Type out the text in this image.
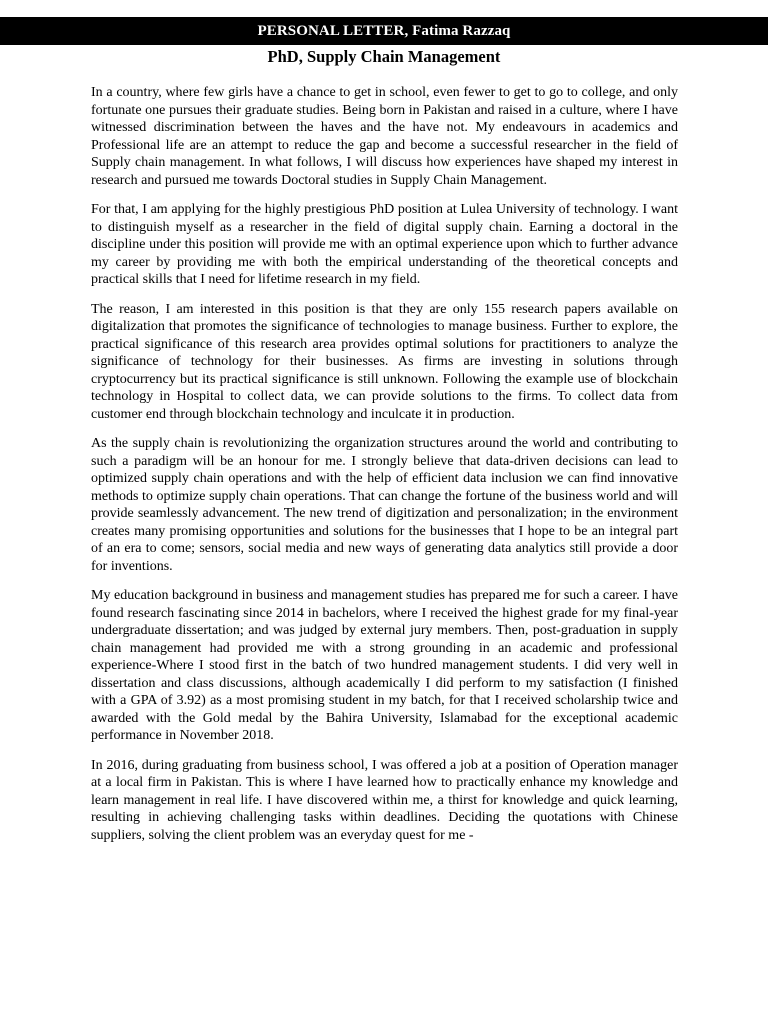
PERSONAL LETTER, Fatima Razzaq
PhD, Supply Chain Management

In a country, where few girls have a chance to get in school, even fewer to get to go to college, and only fortunate one pursues their graduate studies. Being born in Pakistan and raised in a culture, where I have witnessed discrimination between the haves and the have not. My endeavours in academics and Professional life are an attempt to reduce the gap and become a successful researcher in the field of Supply chain management. In what follows, I will discuss how experiences have shaped my interest in research and pursued me towards Doctoral studies in Supply Chain Management.

For that, I am applying for the highly prestigious PhD position at Lulea University of technology. I want to distinguish myself as a researcher in the field of digital supply chain. Earning a doctoral in the discipline under this position will provide me with an optimal experience upon which to further advance my career by providing me with both the empirical understanding of the theoretical concepts and practical skills that I need for lifetime research in my field.

The reason, I am interested in this position is that they are only 155 research papers available on digitalization that promotes the significance of technologies to manage business. Further to explore, the practical significance of this research area provides optimal solutions for practitioners to analyze the significance of technology for their businesses. As firms are investing in solutions through cryptocurrency but its practical significance is still unknown. Following the example use of blockchain technology in Hospital to collect data, we can provide solutions to the firms. To collect data from customer end through blockchain technology and inculcate it in production.

As the supply chain is revolutionizing the organization structures around the world and contributing to such a paradigm will be an honour for me. I strongly believe that data-driven decisions can lead to optimized supply chain operations and with the help of efficient data inclusion we can find innovative methods to optimize supply chain operations. That can change the fortune of the business world and will provide seamlessly advancement. The new trend of digitization and personalization; in the environment creates many promising opportunities and solutions for the businesses that I hope to be an integral part of an era to come; sensors, social media and new ways of generating data analytics still provide a door for inventions.

My education background in business and management studies has prepared me for such a career. I have found research fascinating since 2014 in bachelors, where I received the highest grade for my final-year undergraduate dissertation; and was judged by external jury members. Then, post-graduation in supply chain management had provided me with a strong grounding in an academic and professional experience-Where I stood first in the batch of two hundred management students. I did very well in dissertation and class discussions, although academically I did perform to my satisfaction (I finished with a GPA of 3.92) as a most promising student in my batch, for that I received scholarship twice and awarded with the Gold medal by the Bahira University, Islamabad for the exceptional academic performance in November 2018.

In 2016, during graduating from business school, I was offered a job at a position of Operation manager at a local firm in Pakistan. This is where I have learned how to practically enhance my knowledge and learn management in real life. I have discovered within me, a thirst for knowledge and quick learning, resulting in achieving challenging tasks within deadlines. Deciding the quotations with Chinese suppliers, solving the client problem was an everyday quest for me -
